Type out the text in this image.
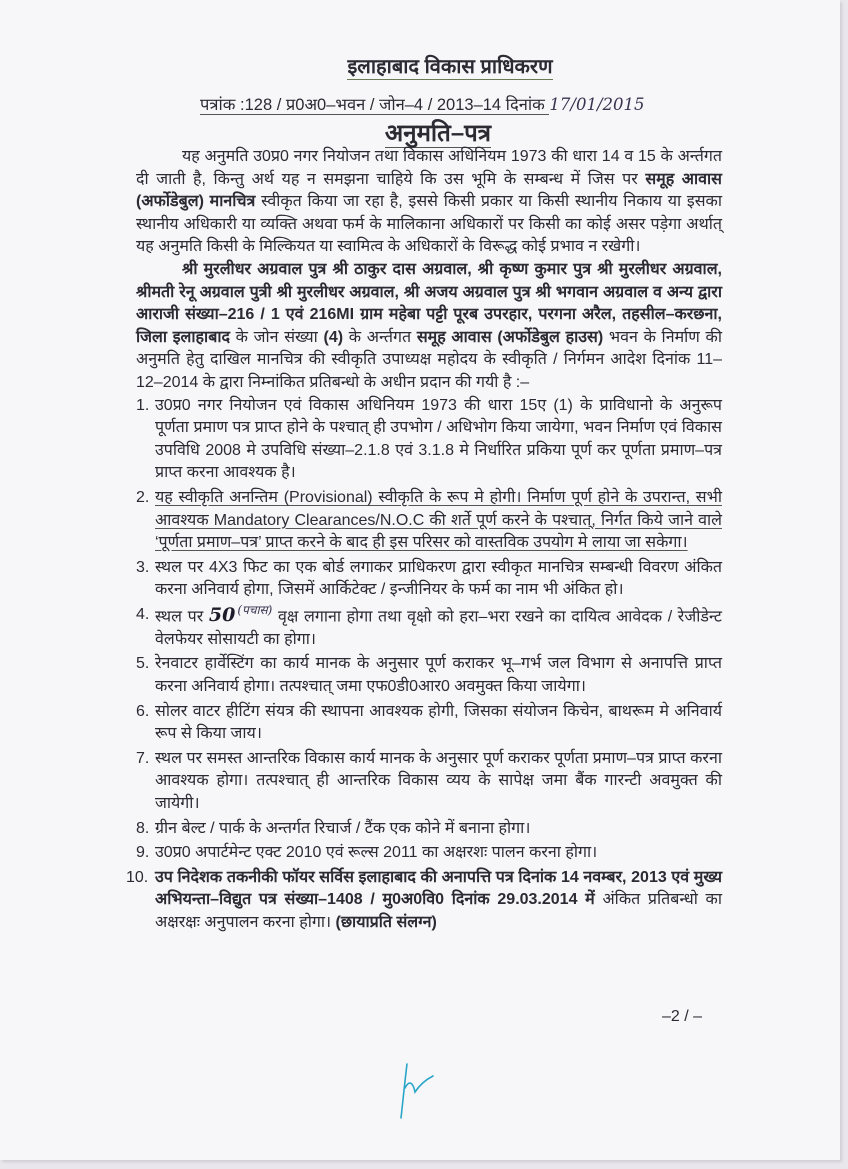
इलाहाबाद विकास प्राधिकरण
पत्रांक :128 / प्र0अ0–भवन / जोन–4 / 2013–14 दिनांक 17/01/2015
अनुमति–पत्र

यह अनुमति उ0प्र0 नगर नियोजन तथा विकास अधिनियम 1973 की धारा 14 व 15 के अर्न्तगत दी जाती है, किन्तु अर्थ यह न समझना चाहिये कि उस भूमि के सम्बन्ध में जिस पर समूह आवास (अर्फोडेबुल) मानचित्र स्वीकृत किया जा रहा है, इससे किसी प्रकार या किसी स्थानीय निकाय या इसका स्थानीय अधिकारी या व्यक्ति अथवा फर्म के मालिकाना अधिकारों पर किसी का कोई असर पड़ेगा अर्थात् यह अनुमति किसी के मिल्कियत या स्वामित्व के अधिकारों के विरूद्ध कोई प्रभाव न रखेगी।

श्री मुरलीधर अग्रवाल पुत्र श्री ठाकुर दास अग्रवाल, श्री कृष्ण कुमार पुत्र श्री मुरलीधर अग्रवाल, श्रीमती रेनू अग्रवाल पुत्री श्री मुरलीधर अग्रवाल, श्री अजय अग्रवाल पुत्र श्री भगवान अग्रवाल व अन्य द्वारा आराजी संख्या–216 / 1 एवं 216MI ग्राम महेबा पट्टी पूरब उपरहार, परगना अरैल, तहसील–करछना, जिला इलाहाबाद के जोन संख्या (4) के अर्न्तगत समूह आवास (अर्फोडेबुल हाउस) भवन के निर्माण की अनुमति हेतु दाखिल मानचित्र की स्वीकृति उपाध्यक्ष महोदय के स्वीकृति / निर्गमन आदेश दिनांक 11–12–2014 के द्वारा निम्नांकित प्रतिबन्धो के अधीन प्रदान की गयी है :–

1. उ0प्र0 नगर नियोजन एवं विकास अधिनियम 1973 की धारा 15ए (1) के प्राविधानो के अनुरूप पूर्णता प्रमाण पत्र प्राप्त होने के पश्चात् ही उपभोग / अधिभोग किया जायेगा, भवन निर्माण एवं विकास उपविधि 2008 मे उपविधि संख्या–2.1.8 एवं 3.1.8 मे निर्धारित प्रकिया पूर्ण कर पूर्णता प्रमाण–पत्र प्राप्त करना आवश्यक है।
2. यह स्वीकृति अनन्तिम (Provisional) स्वीकृति के रूप मे होगी। निर्माण पूर्ण होने के उपरान्त, सभी आवश्यक Mandatory Clearances/N.O.C की शर्ते पूर्ण करने के पश्चात्, निर्गत किये जाने वाले ‘पूर्णता प्रमाण–पत्र’ प्राप्त करने के बाद ही इस परिसर को वास्तविक उपयोग मे लाया जा सकेगा।
3. स्थल पर 4X3 फिट का एक बोर्ड लगाकर प्राधिकरण द्वारा स्वीकृत मानचित्र सम्बन्धी विवरण अंकित करना अनिवार्य होगा, जिसमें आर्किटेक्ट / इन्जीनियर के फर्म का नाम भी अंकित हो।
4. स्थल पर 50 $^{(पचास)}$ वृक्ष लगाना होगा तथा वृक्षो को हरा–भरा रखने का दायित्व आवेदक / रेजीडेन्ट वेलफेयर सोसायटी का होगा।
5. रेनवाटर हार्वेस्टिंग का कार्य मानक के अनुसार पूर्ण कराकर भू–गर्भ जल विभाग से अनापत्ति प्राप्त करना अनिवार्य होगा। तत्पश्चात् जमा एफ0डी0आर0 अवमुक्त किया जायेगा।
6. सोलर वाटर हीटिंग संयत्र की स्थापना आवश्यक होगी, जिसका संयोजन किचेन, बाथरूम मे अनिवार्य रूप से किया जाय।
7. स्थल पर समस्त आन्तरिक विकास कार्य मानक के अनुसार पूर्ण कराकर पूर्णता प्रमाण–पत्र प्राप्त करना आवश्यक होगा। तत्पश्चात् ही आन्तरिक विकास व्यय के सापेक्ष जमा बैंक गारन्टी अवमुक्त की जायेगी।
8. ग्रीन बेल्ट / पार्क के अन्तर्गत रिचार्ज / टैंक एक कोने में बनाना होगा।
9. उ0प्र0 अपार्टमेन्ट एक्ट 2010 एवं रूल्स 2011 का अक्षरशः पालन करना होगा।
10. उप निदेशक तकनीकी फॉयर सर्विस इलाहाबाद की अनापत्ति पत्र दिनांक 14 नवम्बर, 2013 एवं मुख्य अभियन्ता–विद्युत पत्र संख्या–1408 / मु0अ0वि0 दिनांक 29.03.2014 में अंकित प्रतिबन्धो का अक्षरक्षः अनुपालन करना होगा। (छायाप्रति संलग्न)
–2 / –
